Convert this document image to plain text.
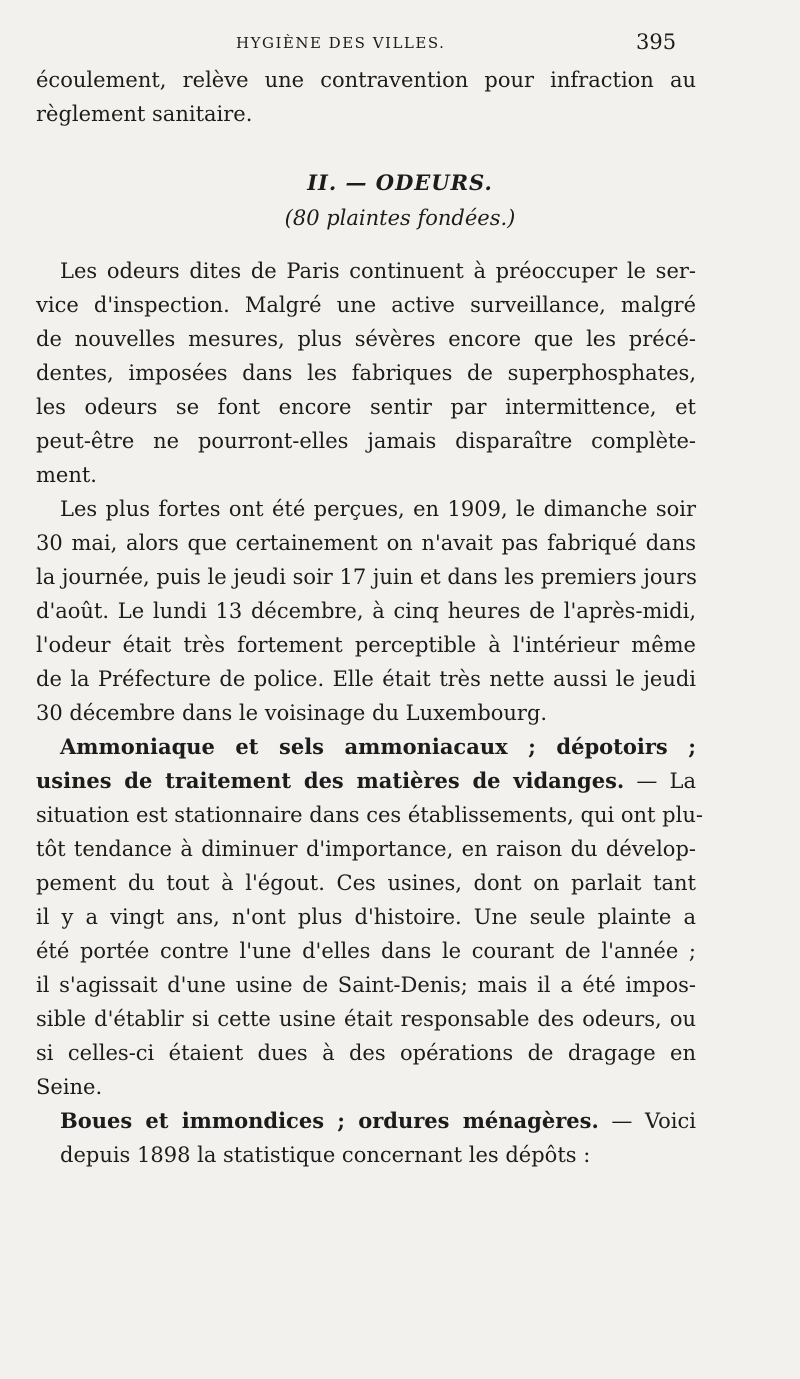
HYGIÈNE DES VILLES.	395
écoulement, relève une contravention pour infraction au
règlement sanitaire.
II. — ODEURS.
(80 plaintes fondées.)
Les odeurs dites de Paris continuent à préoccuper le ser-
vice d'inspection. Malgré une active surveillance, malgré
de nouvelles mesures, plus sévères encore que les précé-
dentes, imposées dans les fabriques de superphosphates,
les odeurs se font encore sentir par intermittence, et
peut-être ne pourront-elles jamais disparaître complète-
ment.
Les plus fortes ont été perçues, en 1909, le dimanche soir
30 mai, alors que certainement on n'avait pas fabriqué dans
la journée, puis le jeudi soir 17 juin et dans les premiers jours
d'août. Le lundi 13 décembre, à cinq heures de l'après-midi,
l'odeur était très fortement perceptible à l'intérieur même
de la Préfecture de police. Elle était très nette aussi le jeudi
30 décembre dans le voisinage du Luxembourg.
Ammoniaque et sels ammoniacaux ; dépotoirs ;
usines de traitement des matières de vidanges. — La
situation est stationnaire dans ces établissements, qui ont plu-
tôt tendance à diminuer d'importance, en raison du dévelop-
pement du tout à l'égout. Ces usines, dont on parlait tant
il y a vingt ans, n'ont plus d'histoire. Une seule plainte a
été portée contre l'une d'elles dans le courant de l'année ;
il s'agissait d'une usine de Saint-Denis; mais il a été impos-
sible d'établir si cette usine était responsable des odeurs, ou
si celles-ci étaient dues à des opérations de dragage en
Seine.
Boues et immondices ; ordures ménagères. — Voici
depuis 1898 la statistique concernant les dépôts :
